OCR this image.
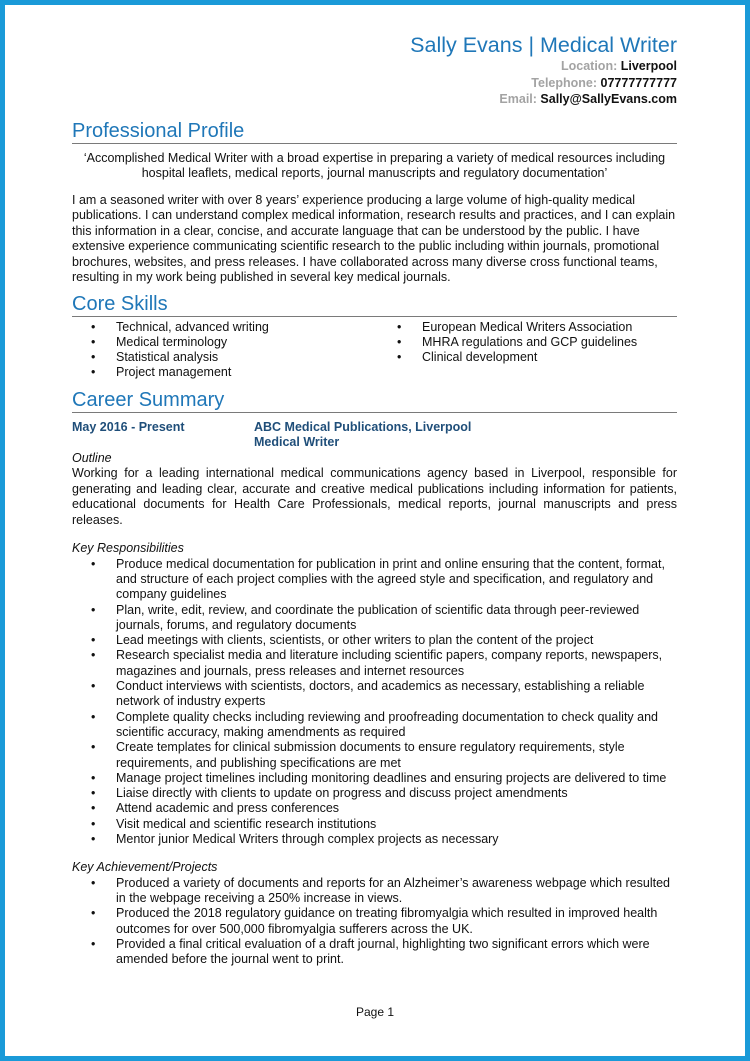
Sally Evans | Medical Writer
Location: Liverpool
Telephone: 07777777777
Email: Sally@SallyEvans.com
Professional Profile
‘Accomplished Medical Writer with a broad expertise in preparing a variety of medical resources including hospital leaflets, medical reports, journal manuscripts and regulatory documentation’
I am a seasoned writer with over 8 years’ experience producing a large volume of high-quality medical publications. I can understand complex medical information, research results and practices, and I can explain this information in a clear, concise, and accurate language that can be understood by the public. I have extensive experience communicating scientific research to the public including within journals, promotional brochures, websites, and press releases. I have collaborated across many diverse cross functional teams, resulting in my work being published in several key medical journals.
Core Skills
• Technical, advanced writing
• Medical terminology
• Statistical analysis
• Project management
• European Medical Writers Association
• MHRA regulations and GCP guidelines
• Clinical development
Career Summary
May 2016 - Present	ABC Medical Publications, Liverpool
Medical Writer
Outline
Working for a leading international medical communications agency based in Liverpool, responsible for generating and leading clear, accurate and creative medical publications including information for patients, educational documents for Health Care Professionals, medical reports, journal manuscripts and press releases.
Key Responsibilities
• Produce medical documentation for publication in print and online ensuring that the content, format, and structure of each project complies with the agreed style and specification, and regulatory and company guidelines
• Plan, write, edit, review, and coordinate the publication of scientific data through peer-reviewed journals, forums, and regulatory documents
• Lead meetings with clients, scientists, or other writers to plan the content of the project
• Research specialist media and literature including scientific papers, company reports, newspapers, magazines and journals, press releases and internet resources
• Conduct interviews with scientists, doctors, and academics as necessary, establishing a reliable network of industry experts
• Complete quality checks including reviewing and proofreading documentation to check quality and scientific accuracy, making amendments as required
• Create templates for clinical submission documents to ensure regulatory requirements, style requirements, and publishing specifications are met
• Manage project timelines including monitoring deadlines and ensuring projects are delivered to time
• Liaise directly with clients to update on progress and discuss project amendments
• Attend academic and press conferences
• Visit medical and scientific research institutions
• Mentor junior Medical Writers through complex projects as necessary
Key Achievement/Projects
• Produced a variety of documents and reports for an Alzheimer’s awareness webpage which resulted in the webpage receiving a 250% increase in views.
• Produced the 2018 regulatory guidance on treating fibromyalgia which resulted in improved health outcomes for over 500,000 fibromyalgia sufferers across the UK.
• Provided a final critical evaluation of a draft journal, highlighting two significant errors which were amended before the journal went to print.
Page 1
